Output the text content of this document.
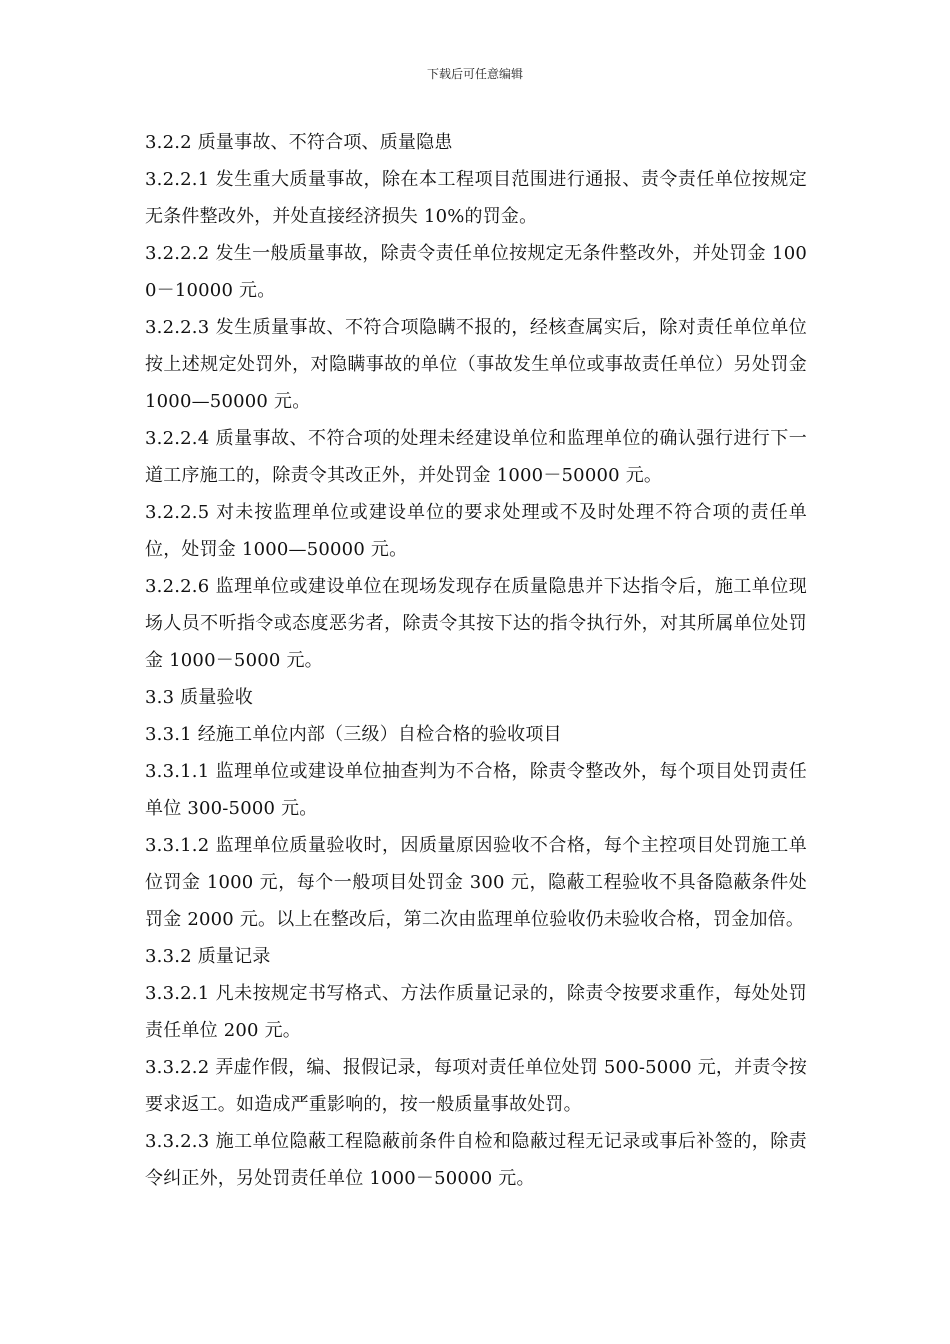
下载后可任意编辑

3.2.2 质量事故、不符合项、质量隐患

3.2.2.1 发生重大质量事故，除在本工程项目范围进行通报、责令责任单位按规定无条件整改外，并处直接经济损失 10%的罚金。

3.2.2.2 发生一般质量事故，除责令责任单位按规定无条件整改外，并处罚金 1000－10000 元。

3.2.2.3 发生质量事故、不符合项隐瞒不报的，经核查属实后，除对责任单位单位按上述规定处罚外，对隐瞒事故的单位（事故发生单位或事故责任单位）另处罚金 1000—50000 元。

3.2.2.4 质量事故、不符合项的处理未经建设单位和监理单位的确认强行进行下一道工序施工的，除责令其改正外，并处罚金 1000－50000 元。

3.2.2.5 对未按监理单位或建设单位的要求处理或不及时处理不符合项的责任单位，处罚金 1000—50000 元。

3.2.2.6 监理单位或建设单位在现场发现存在质量隐患并下达指令后，施工单位现场人员不听指令或态度恶劣者，除责令其按下达的指令执行外，对其所属单位处罚金 1000－5000 元。

3.3 质量验收

3.3.1 经施工单位内部（三级）自检合格的验收项目

3.3.1.1 监理单位或建设单位抽查判为不合格，除责令整改外，每个项目处罚责任单位 300-5000 元。

3.3.1.2 监理单位质量验收时，因质量原因验收不合格，每个主控项目处罚施工单位罚金 1000 元，每个一般项目处罚金 300 元，隐蔽工程验收不具备隐蔽条件处罚金 2000 元。以上在整改后，第二次由监理单位验收仍未验收合格，罚金加倍。

3.3.2 质量记录

3.3.2.1 凡未按规定书写格式、方法作质量记录的，除责令按要求重作，每处处罚责任单位 200 元。

3.3.2.2 弄虚作假，编、报假记录，每项对责任单位处罚 500-5000 元，并责令按要求返工。如造成严重影响的，按一般质量事故处罚。

3.3.2.3 施工单位隐蔽工程隐蔽前条件自检和隐蔽过程无记录或事后补签的，除责令纠正外，另处罚责任单位 1000－50000 元。
